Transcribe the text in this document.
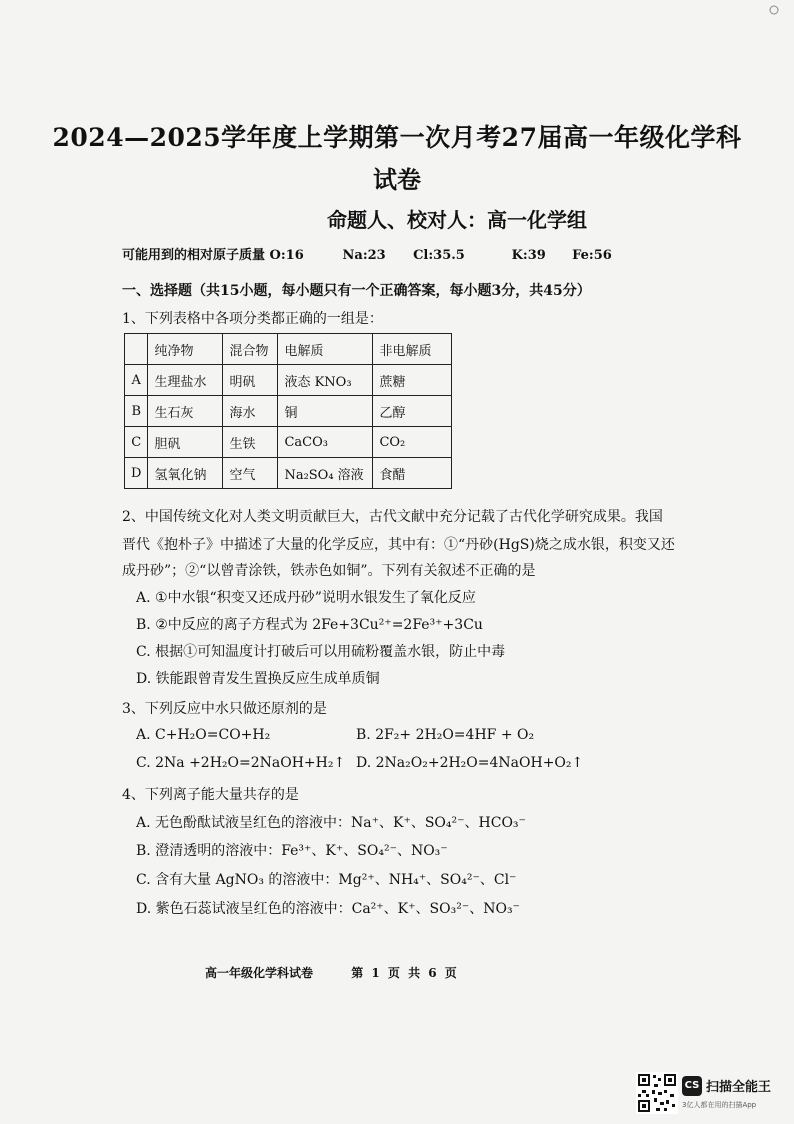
2024—2025学年度上学期第一次月考27届高一年级化学科
试卷
命题人、校对人：高一化学组
可能用到的相对原子质量 O:16	Na:23 Cl:35.5	K:39 Fe:56
一、选择题（共15小题，每小题只有一个正确答案，每小题3分，共45分）
1、下列表格中各项分类都正确的一组是：
	纯净物	混合物	电解质	非电解质
A	生理盐水	明矾	液态 KNO₃	蔗糖
B	生石灰	海水	铜	乙醇
C	胆矾	生铁	CaCO₃	CO₂
D	氢氧化钠	空气	Na₂SO₄ 溶液	食醋
2、中国传统文化对人类文明贡献巨大，古代文献中充分记载了古代化学研究成果。我国
晋代《抱朴子》中描述了大量的化学反应，其中有：①“丹砂(HgS)烧之成水银，积变又还
成丹砂”；②“以曾青涂铁，铁赤色如铜”。下列有关叙述不正确的是
A. ①中水银“积变又还成丹砂”说明水银发生了氧化反应
B. ②中反应的离子方程式为 2Fe+3Cu²⁺=2Fe³⁺+3Cu
C. 根据①可知温度计打破后可以用硫粉覆盖水银，防止中毒
D. 铁能跟曾青发生置换反应生成单质铜
3、下列反应中水只做还原剂的是
A. C+H₂O=CO+H₂	B. 2F₂+ 2H₂O=4HF + O₂
C. 2Na +2H₂O=2NaOH+H₂↑ D. 2Na₂O₂+2H₂O=4NaOH+O₂↑
4、下列离子能大量共存的是
A. 无色酚酞试液呈红色的溶液中：Na⁺、K⁺、SO₄²⁻、HCO₃⁻
B. 澄清透明的溶液中：Fe³⁺、K⁺、SO₄²⁻、NO₃⁻
C. 含有大量 AgNO₃ 的溶液中：Mg²⁺、NH₄⁺、SO₄²⁻、Cl⁻
D. 紫色石蕊试液呈红色的溶液中：Ca²⁺、K⁺、SO₃²⁻、NO₃⁻
高一年级化学科试卷	第 1 页 共 6 页
CS 扫描全能王
3亿人都在用的扫描App
